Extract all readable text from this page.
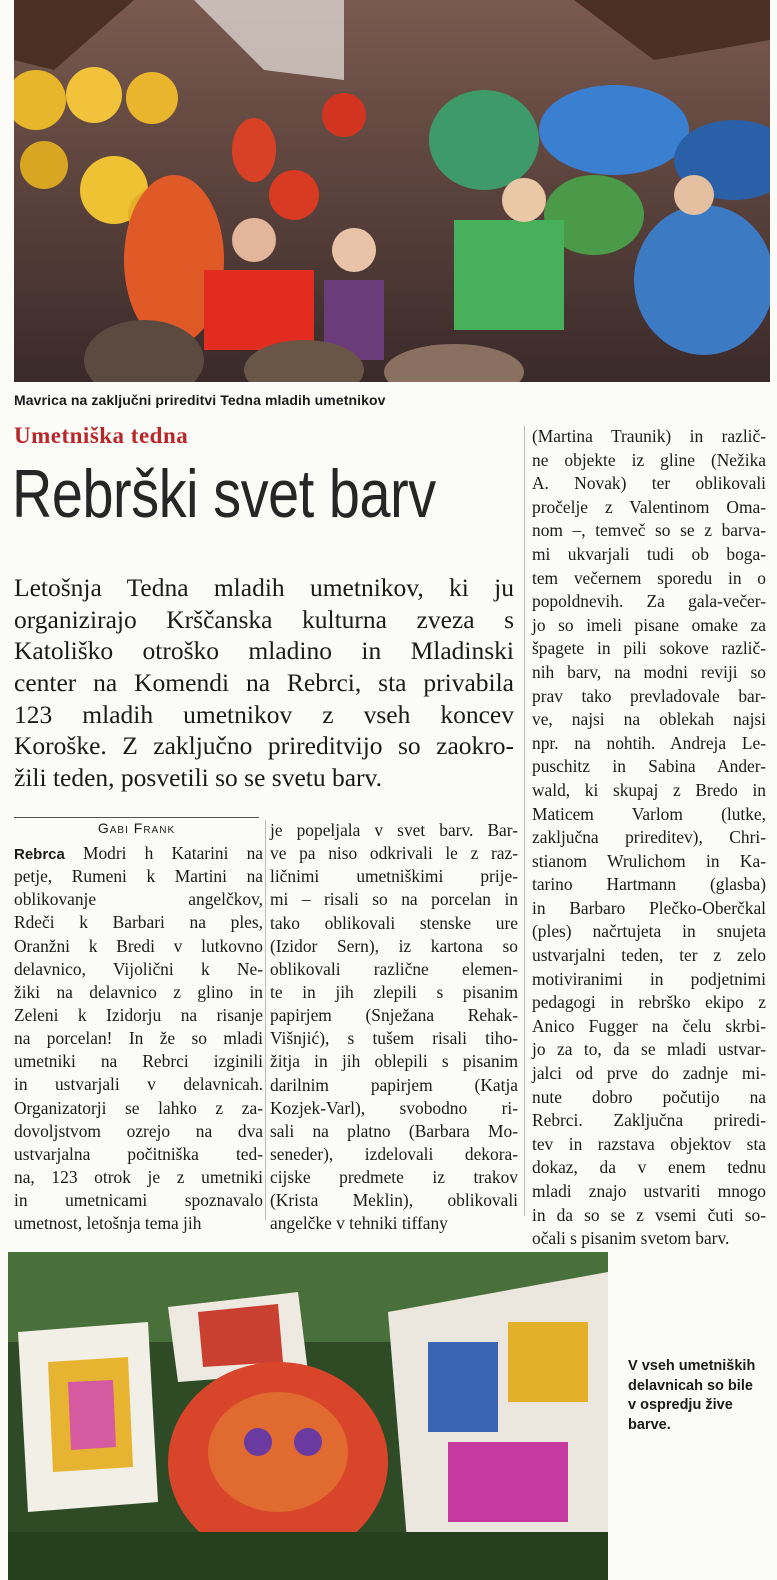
Mavrica na zaključni prireditvi Tedna mladih umetnikov
Umetniška tedna
Rebrški svet barv
Letošnja Tedna mladih umetnikov, ki ju
organizirajo Krščanska kulturna zveza s
Katoliško otroško mladino in Mladinski
center na Komendi na Rebrci, sta privabila
123 mladih umetnikov z vseh koncev
Koroške. Z zaključno prireditvijo so zaokro-
žili teden, posvetili so se svetu barv.
Gabi Frank
Rebrca Modri h Katarini na
petje, Rumeni k Martini na
oblikovanje angelčkov,
Rdeči k Barbari na ples,
Oranžni k Bredi v lutkovno
delavnico, Vijolični k Ne-
žiki na delavnico z glino in
Zeleni k Izidorju na risanje
na porcelan! In že so mladi
umetniki na Rebrci izginili
in ustvarjali v delavnicah.
Organizatorji se lahko z za-
dovoljstvom ozrejo na dva
ustvarjalna počitniška ted-
na, 123 otrok je z umetniki
in umetnicami spoznavalo
umetnost, letošnja tema jih
je popeljala v svet barv. Bar-
ve pa niso odkrivali le z raz-
ličnimi umetniškimi prije-
mi – risali so na porcelan in
tako oblikovali stenske ure
(Izidor Sern), iz kartona so
oblikovali različne elemen-
te in jih zlepili s pisanim
papirjem (Snježana Rehak-
Višnjić), s tušem risali tiho-
žitja in jih oblepili s pisanim
darilnim papirjem (Katja
Kozjek-Varl), svobodno ri-
sali na platno (Barbara Mo-
seneder), izdelovali dekora-
cijske predmete iz trakov
(Krista Meklin), oblikovali
angelčke v tehniki tiffany
(Martina Traunik) in različ-
ne objekte iz gline (Nežika
A. Novak) ter oblikovali
pročelje z Valentinom Oma-
nom –, temveč so se z barva-
mi ukvarjali tudi ob boga-
tem večernem sporedu in o
popoldnevih. Za gala-večer-
jo so imeli pisane omake za
špagete in pili sokove različ-
nih barv, na modni reviji so
prav tako prevladovale bar-
ve, najsi na oblekah najsi
npr. na nohtih. Andreja Le-
puschitz in Sabina Ander-
wald, ki skupaj z Bredo in
Maticem Varlom (lutke,
zaključna prireditev), Chri-
stianom Wrulichom in Ka-
tarino Hartmann (glasba)
in Barbaro Plečko-Oberčkal
(ples) načrtujeta in snujeta
ustvarjalni teden, ter z zelo
motiviranimi in podjetnimi
pedagogi in rebrško ekipo z
Anico Fugger na čelu skrbi-
jo za to, da se mladi ustvar-
jalci od prve do zadnje mi-
nute dobro počutijo na
Rebrci. Zaključna priredi-
tev in razstava objektov sta
dokaz, da v enem tednu
mladi znajo ustvariti mnogo
in da so se z vsemi čuti so-
očali s pisanim svetom barv.
V vseh umetniških
delavnicah so bile
v ospredju žive
barve.
